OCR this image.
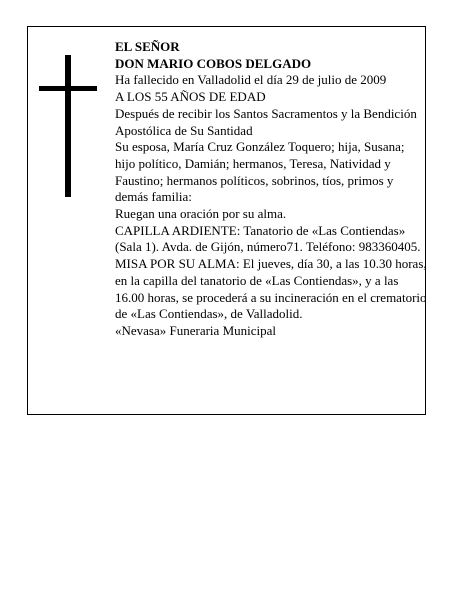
EL SEÑOR

DON MARIO COBOS DELGADO

Ha fallecido en Valladolid el día 29 de julio de 2009

A LOS 55 AÑOS DE EDAD

Después de recibir los Santos Sacramentos y la Bendición Apostólica de Su Santidad

Su esposa, María Cruz González Toquero; hija, Susana; hijo político, Damián; hermanos, Teresa, Natividad y Faustino; hermanos políticos, sobrinos, tíos, primos y demás familia:

Ruegan una oración por su alma.

CAPILLA ARDIENTE: Tanatorio de «Las Contiendas» (Sala 1). Avda. de Gijón, número71. Teléfono: 983360405.

MISA POR SU ALMA: El jueves, día 30, a las 10.30 horas, en la capilla del tanatorio de «Las Contiendas», y a las 16.00 horas, se procederá a su incineración en el crematorio de «Las Contiendas», de Valladolid.

«Nevasa» Funeraria Municipal
